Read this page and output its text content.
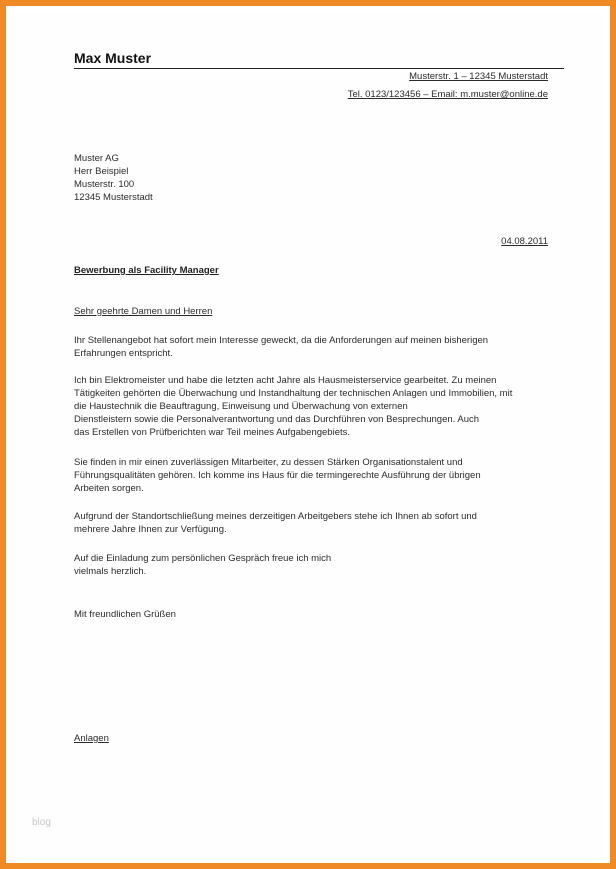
Max Muster
Musterstr. 1 – 12345 Musterstadt
Tel. 0123/123456 – Email: m.muster@online.de
Muster AG
Herr Beispiel
Musterstr. 100
12345 Musterstadt
04.08.2011
Bewerbung als Facility Manager
Sehr geehrte Damen und Herren
Ihr Stellenangebot hat sofort mein Interesse geweckt, da die Anforderungen auf meinen bisherigen
Erfahrungen entspricht.
Ich bin Elektromeister und habe die letzten acht Jahre als Hausmeisterservice gearbeitet. Zu meinen
Tätigkeiten gehörten die Überwachung und Instandhaltung der technischen Anlagen und Immobilien, mit
die Haustechnik die Beauftragung, Einweisung und Überwachung von externen
Dienstleistern sowie die Personalverantwortung und das Durchführen von Besprechungen. Auch
das Erstellen von Prüfberichten war Teil meines Aufgabengebiets.
Sie finden in mir einen zuverlässigen Mitarbeiter, zu dessen Stärken Organisationstalent und
Führungsqualitäten gehören. Ich komme ins Haus für die termingerechte Ausführung der übrigen
Arbeiten sorgen.
Aufgrund der Standortschließung meines derzeitigen Arbeitgebers stehe ich Ihnen ab sofort und
mehrere Jahre Ihnen zur Verfügung.
Auf die Einladung zum persönlichen Gespräch freue ich mich
vielmals herzlich.
Mit freundlichen Grüßen
Anlagen
blog
